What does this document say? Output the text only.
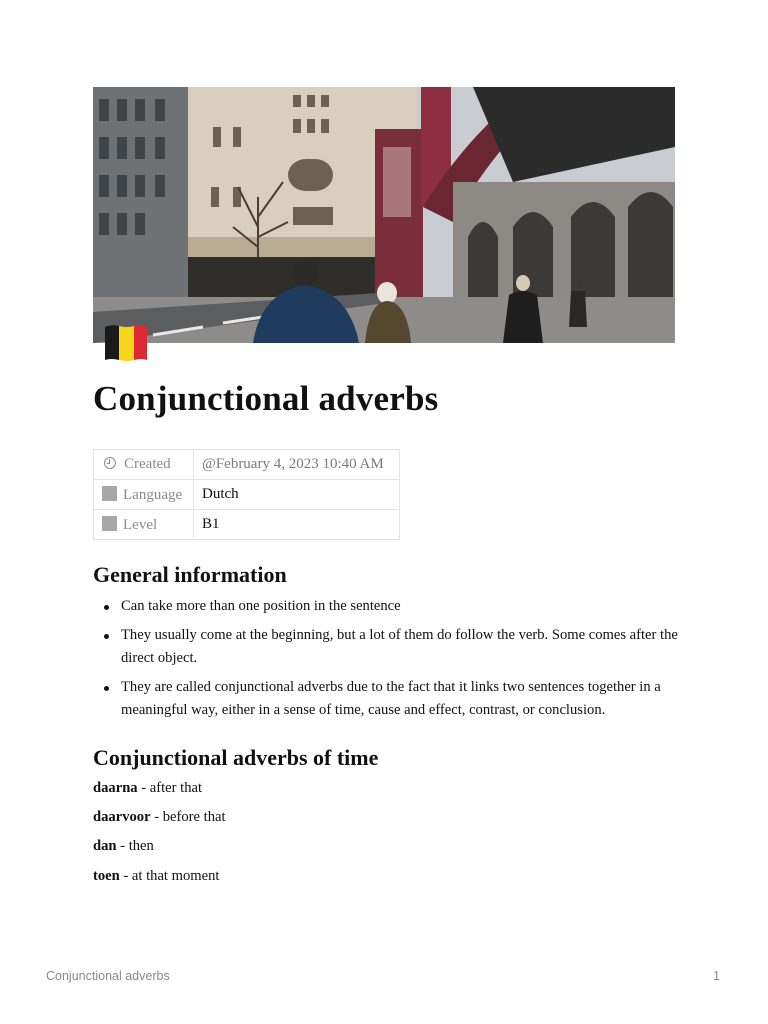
Conjunctional adverbs
Created	@February 4, 2023 10:40 AM
Language	Dutch
Level	B1
General information
Can take more than one position in the sentence
They usually come at the beginning, but a lot of them do follow the verb. Some comes after the direct object.
They are called conjunctional adverbs due to the fact that it links two sentences together in a meaningful way, either in a sense of time, cause and effect, contrast, or conclusion.
Conjunctional adverbs of time
daarna - after that
daarvoor - before that
dan - then
toen - at that moment
Conjunctional adverbs	1
